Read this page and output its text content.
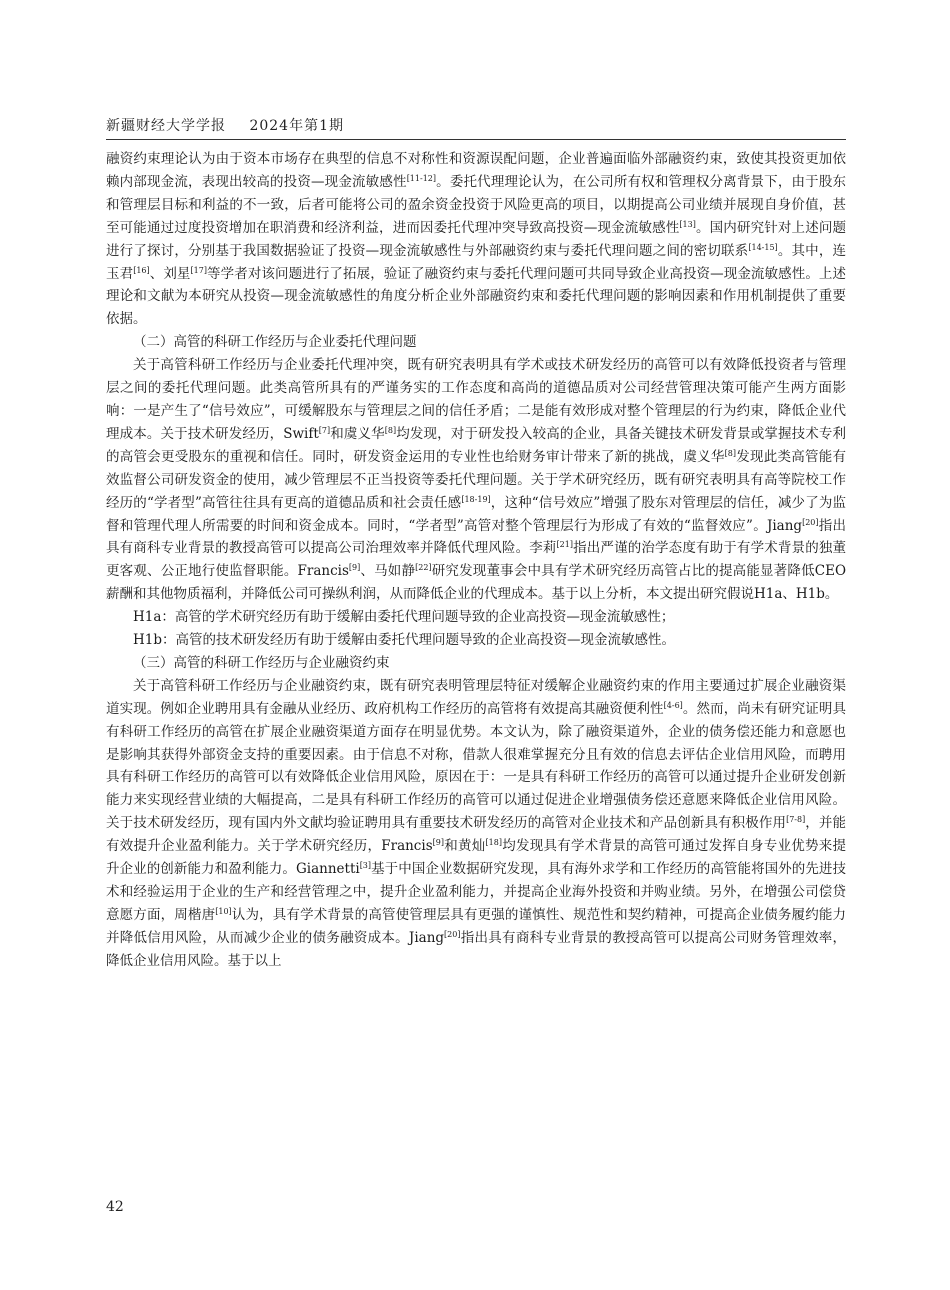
新疆财经大学学报 2024年第1期

融资约束理论认为由于资本市场存在典型的信息不对称性和资源误配问题，企业普遍面临外部融资约束，致使其投资更加依赖内部现金流，表现出较高的投资—现金流敏感性[11-12]。委托代理理论认为，在公司所有权和管理权分离背景下，由于股东和管理层目标和利益的不一致，后者可能将公司的盈余资金投资于风险更高的项目，以期提高公司业绩并展现自身价值，甚至可能通过过度投资增加在职消费和经济利益，进而因委托代理冲突导致高投资—现金流敏感性[13]。国内研究针对上述问题进行了探讨，分别基于我国数据验证了投资—现金流敏感性与外部融资约束与委托代理问题之间的密切联系[14-15]。其中，连玉君[16]、刘星[17]等学者对该问题进行了拓展，验证了融资约束与委托代理问题可共同导致企业高投资—现金流敏感性。上述理论和文献为本研究从投资—现金流敏感性的角度分析企业外部融资约束和委托代理问题的影响因素和作用机制提供了重要依据。

（二）高管的科研工作经历与企业委托代理问题

关于高管科研工作经历与企业委托代理冲突，既有研究表明具有学术或技术研发经历的高管可以有效降低投资者与管理层之间的委托代理问题。此类高管所具有的严谨务实的工作态度和高尚的道德品质对公司经营管理决策可能产生两方面影响：一是产生了“信号效应”，可缓解股东与管理层之间的信任矛盾；二是能有效形成对整个管理层的行为约束，降低企业代理成本。关于技术研发经历，Swift[7]和虞义华[8]均发现，对于研发投入较高的企业，具备关键技术研发背景或掌握技术专利的高管会更受股东的重视和信任。同时，研发资金运用的专业性也给财务审计带来了新的挑战，虞义华[8]发现此类高管能有效监督公司研发资金的使用，减少管理层不正当投资等委托代理问题。关于学术研究经历，既有研究表明具有高等院校工作经历的“学者型”高管往往具有更高的道德品质和社会责任感[18-19]，这种“信号效应”增强了股东对管理层的信任，减少了为监督和管理代理人所需要的时间和资金成本。同时，“学者型”高管对整个管理层行为形成了有效的“监督效应”。Jiang[20]指出具有商科专业背景的教授高管可以提高公司治理效率并降低代理风险。李莉[21]指出严谨的治学态度有助于有学术背景的独董更客观、公正地行使监督职能。Francis[9]、马如静[22]研究发现董事会中具有学术研究经历高管占比的提高能显著降低CEO薪酬和其他物质福利，并降低公司可操纵利润，从而降低企业的代理成本。基于以上分析，本文提出研究假说H1a、H1b。

H1a：高管的学术研究经历有助于缓解由委托代理问题导致的企业高投资—现金流敏感性；

H1b：高管的技术研发经历有助于缓解由委托代理问题导致的企业高投资—现金流敏感性。

（三）高管的科研工作经历与企业融资约束

关于高管科研工作经历与企业融资约束，既有研究表明管理层特征对缓解企业融资约束的作用主要通过扩展企业融资渠道实现。例如企业聘用具有金融从业经历、政府机构工作经历的高管将有效提高其融资便利性[4-6]。然而，尚未有研究证明具有科研工作经历的高管在扩展企业融资渠道方面存在明显优势。本文认为，除了融资渠道外，企业的债务偿还能力和意愿也是影响其获得外部资金支持的重要因素。由于信息不对称，借款人很难掌握充分且有效的信息去评估企业信用风险，而聘用具有科研工作经历的高管可以有效降低企业信用风险，原因在于：一是具有科研工作经历的高管可以通过提升企业研发创新能力来实现经营业绩的大幅提高，二是具有科研工作经历的高管可以通过促进企业增强债务偿还意愿来降低企业信用风险。关于技术研发经历，现有国内外文献均验证聘用具有重要技术研发经历的高管对企业技术和产品创新具有积极作用[7-8]，并能有效提升企业盈利能力。关于学术研究经历，Francis[9]和黄灿[18]均发现具有学术背景的高管可通过发挥自身专业优势来提升企业的创新能力和盈利能力。Giannetti[3]基于中国企业数据研究发现，具有海外求学和工作经历的高管能将国外的先进技术和经验运用于企业的生产和经营管理之中，提升企业盈利能力，并提高企业海外投资和并购业绩。另外，在增强公司偿贷意愿方面，周楷唐[10]认为，具有学术背景的高管使管理层具有更强的谨慎性、规范性和契约精神，可提高企业债务履约能力并降低信用风险，从而减少企业的债务融资成本。Jiang[20]指出具有商科专业背景的教授高管可以提高公司财务管理效率，降低企业信用风险。基于以上

42
